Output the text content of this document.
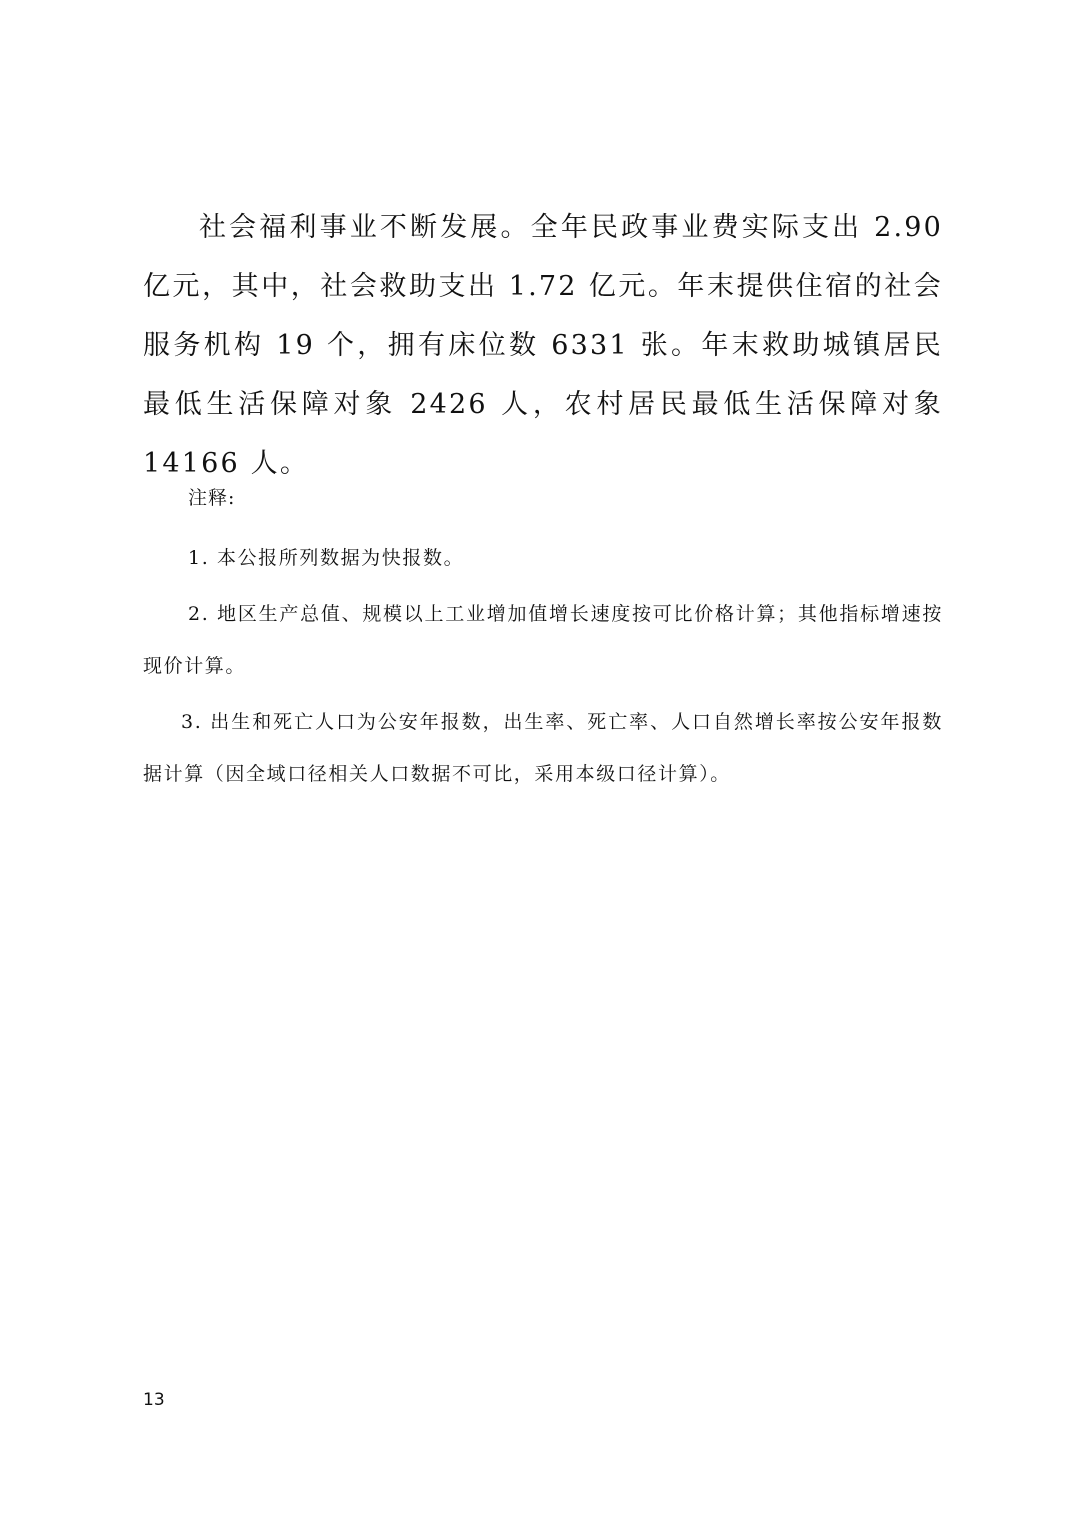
社会福利事业不断发展。全年民政事业费实际支出 2.90 亿元，其中，社会救助支出 1.72 亿元。年末提供住宿的社会服务机构 19 个，拥有床位数 6331 张。年末救助城镇居民最低生活保障对象 2426 人，农村居民最低生活保障对象 14166 人。

注释:

1. 本公报所列数据为快报数。

2. 地区生产总值、规模以上工业增加值增长速度按可比价格计算；其他指标增速按现价计算。

3. 出生和死亡人口为公安年报数，出生率、死亡率、人口自然增长率按公安年报数据计算（因全域口径相关人口数据不可比，采用本级口径计算）。

13
